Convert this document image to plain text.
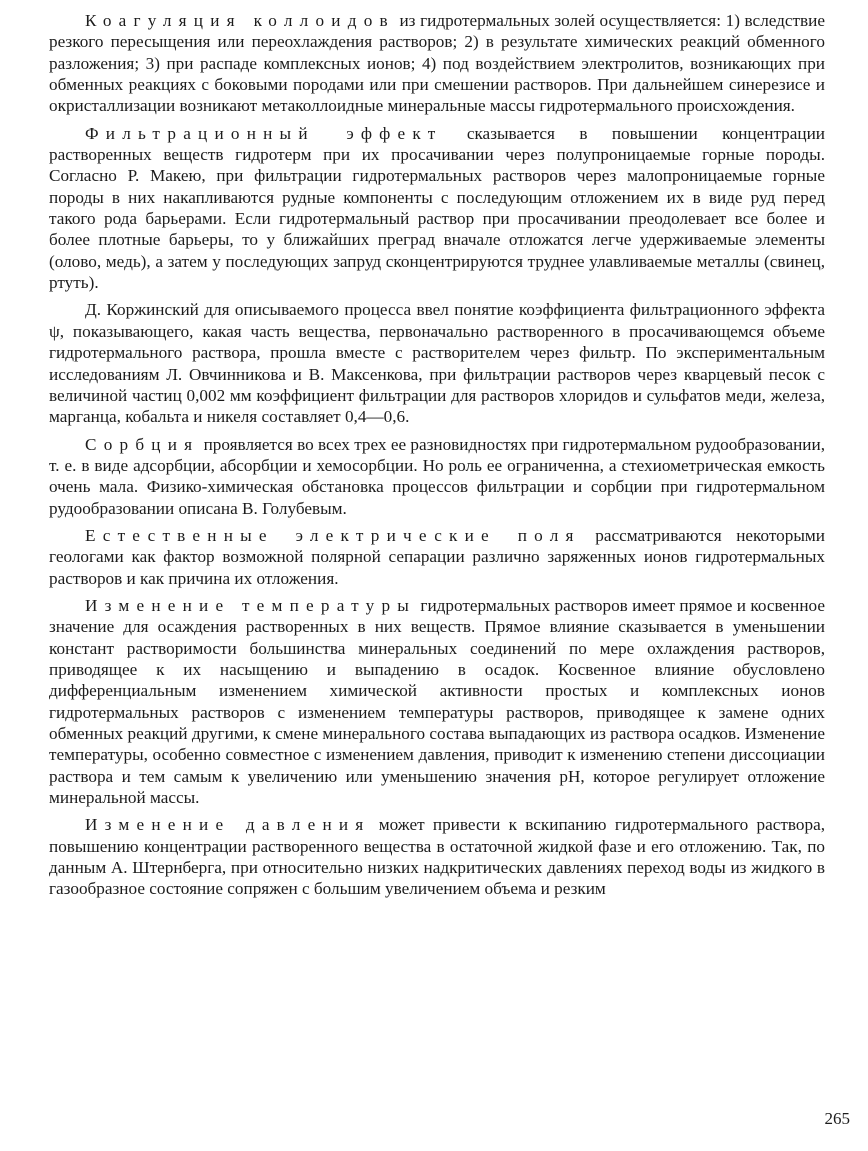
Коагуляция коллоидов из гидротермальных золей осуществляется: 1) вследствие резкого пересыщения или переохлаждения растворов; 2) в результате химических реакций обменного разложения; 3) при распаде комплексных ионов; 4) под воздействием электролитов, возникающих при обменных реакциях с боковыми породами или при смешении растворов. При дальнейшем синерезисе и окристаллизации возникают метаколлоидные минеральные массы гидротермального происхождения.

Фильтрационный эффект сказывается в повышении концентрации растворенных веществ гидротерм при их просачивании через полупроницаемые горные породы. Согласно Р. Макею, при фильтрации гидротермальных растворов через малопроницаемые горные породы в них накапливаются рудные компоненты с последующим отложением их в виде руд перед такого рода барьерами. Если гидротермальный раствор при просачивании преодолевает все более и более плотные барьеры, то у ближайших преград вначале отложатся легче удерживаемые элементы (олово, медь), а затем у последующих запруд сконцентрируются труднее улавливаемые металлы (свинец, ртуть).

Д. Коржинский для описываемого процесса ввел понятие коэффициента фильтрационного эффекта ψ, показывающего, какая часть вещества, первоначально растворенного в просачивающемся объеме гидротермального раствора, прошла вместе с растворителем через фильтр. По экспериментальным исследованиям Л. Овчинникова и В. Максенкова, при фильтрации растворов через кварцевый песок с величиной частиц 0,002 мм коэффициент фильтрации для растворов хлоридов и сульфатов меди, железа, марганца, кобальта и никеля составляет 0,4—0,6.

Сорбция проявляется во всех трех ее разновидностях при гидротермальном рудообразовании, т. е. в виде адсорбции, абсорбции и хемосорбции. Но роль ее ограниченна, а стехиометрическая емкость очень мала. Физико-химическая обстановка процессов фильтрации и сорбции при гидротермальном рудообразовании описана В. Голубевым.

Естественные электрические поля рассматриваются некоторыми геологами как фактор возможной полярной сепарации различно заряженных ионов гидротермальных растворов и как причина их отложения.

Изменение температуры гидротермальных растворов имеет прямое и косвенное значение для осаждения растворенных в них веществ. Прямое влияние сказывается в уменьшении констант растворимости большинства минеральных соединений по мере охлаждения растворов, приводящее к их насыщению и выпадению в осадок. Косвенное влияние обусловлено дифференциальным изменением химической активности простых и комплексных ионов гидротермальных растворов с изменением температуры растворов, приводящее к замене одних обменных реакций другими, к смене минерального состава выпадающих из раствора осадков. Изменение температуры, особенно совместное с изменением давления, приводит к изменению степени диссоциации раствора и тем самым к увеличению или уменьшению значения pH, которое регулирует отложение минеральной массы.

Изменение давления может привести к вскипанию гидротермального раствора, повышению концентрации растворенного вещества в остаточной жидкой фазе и его отложению. Так, по данным А. Штернберга, при относительно низких надкритических давлениях переход воды из жидкого в газообразное состояние сопряжен с большим увеличением объема и резким

265
